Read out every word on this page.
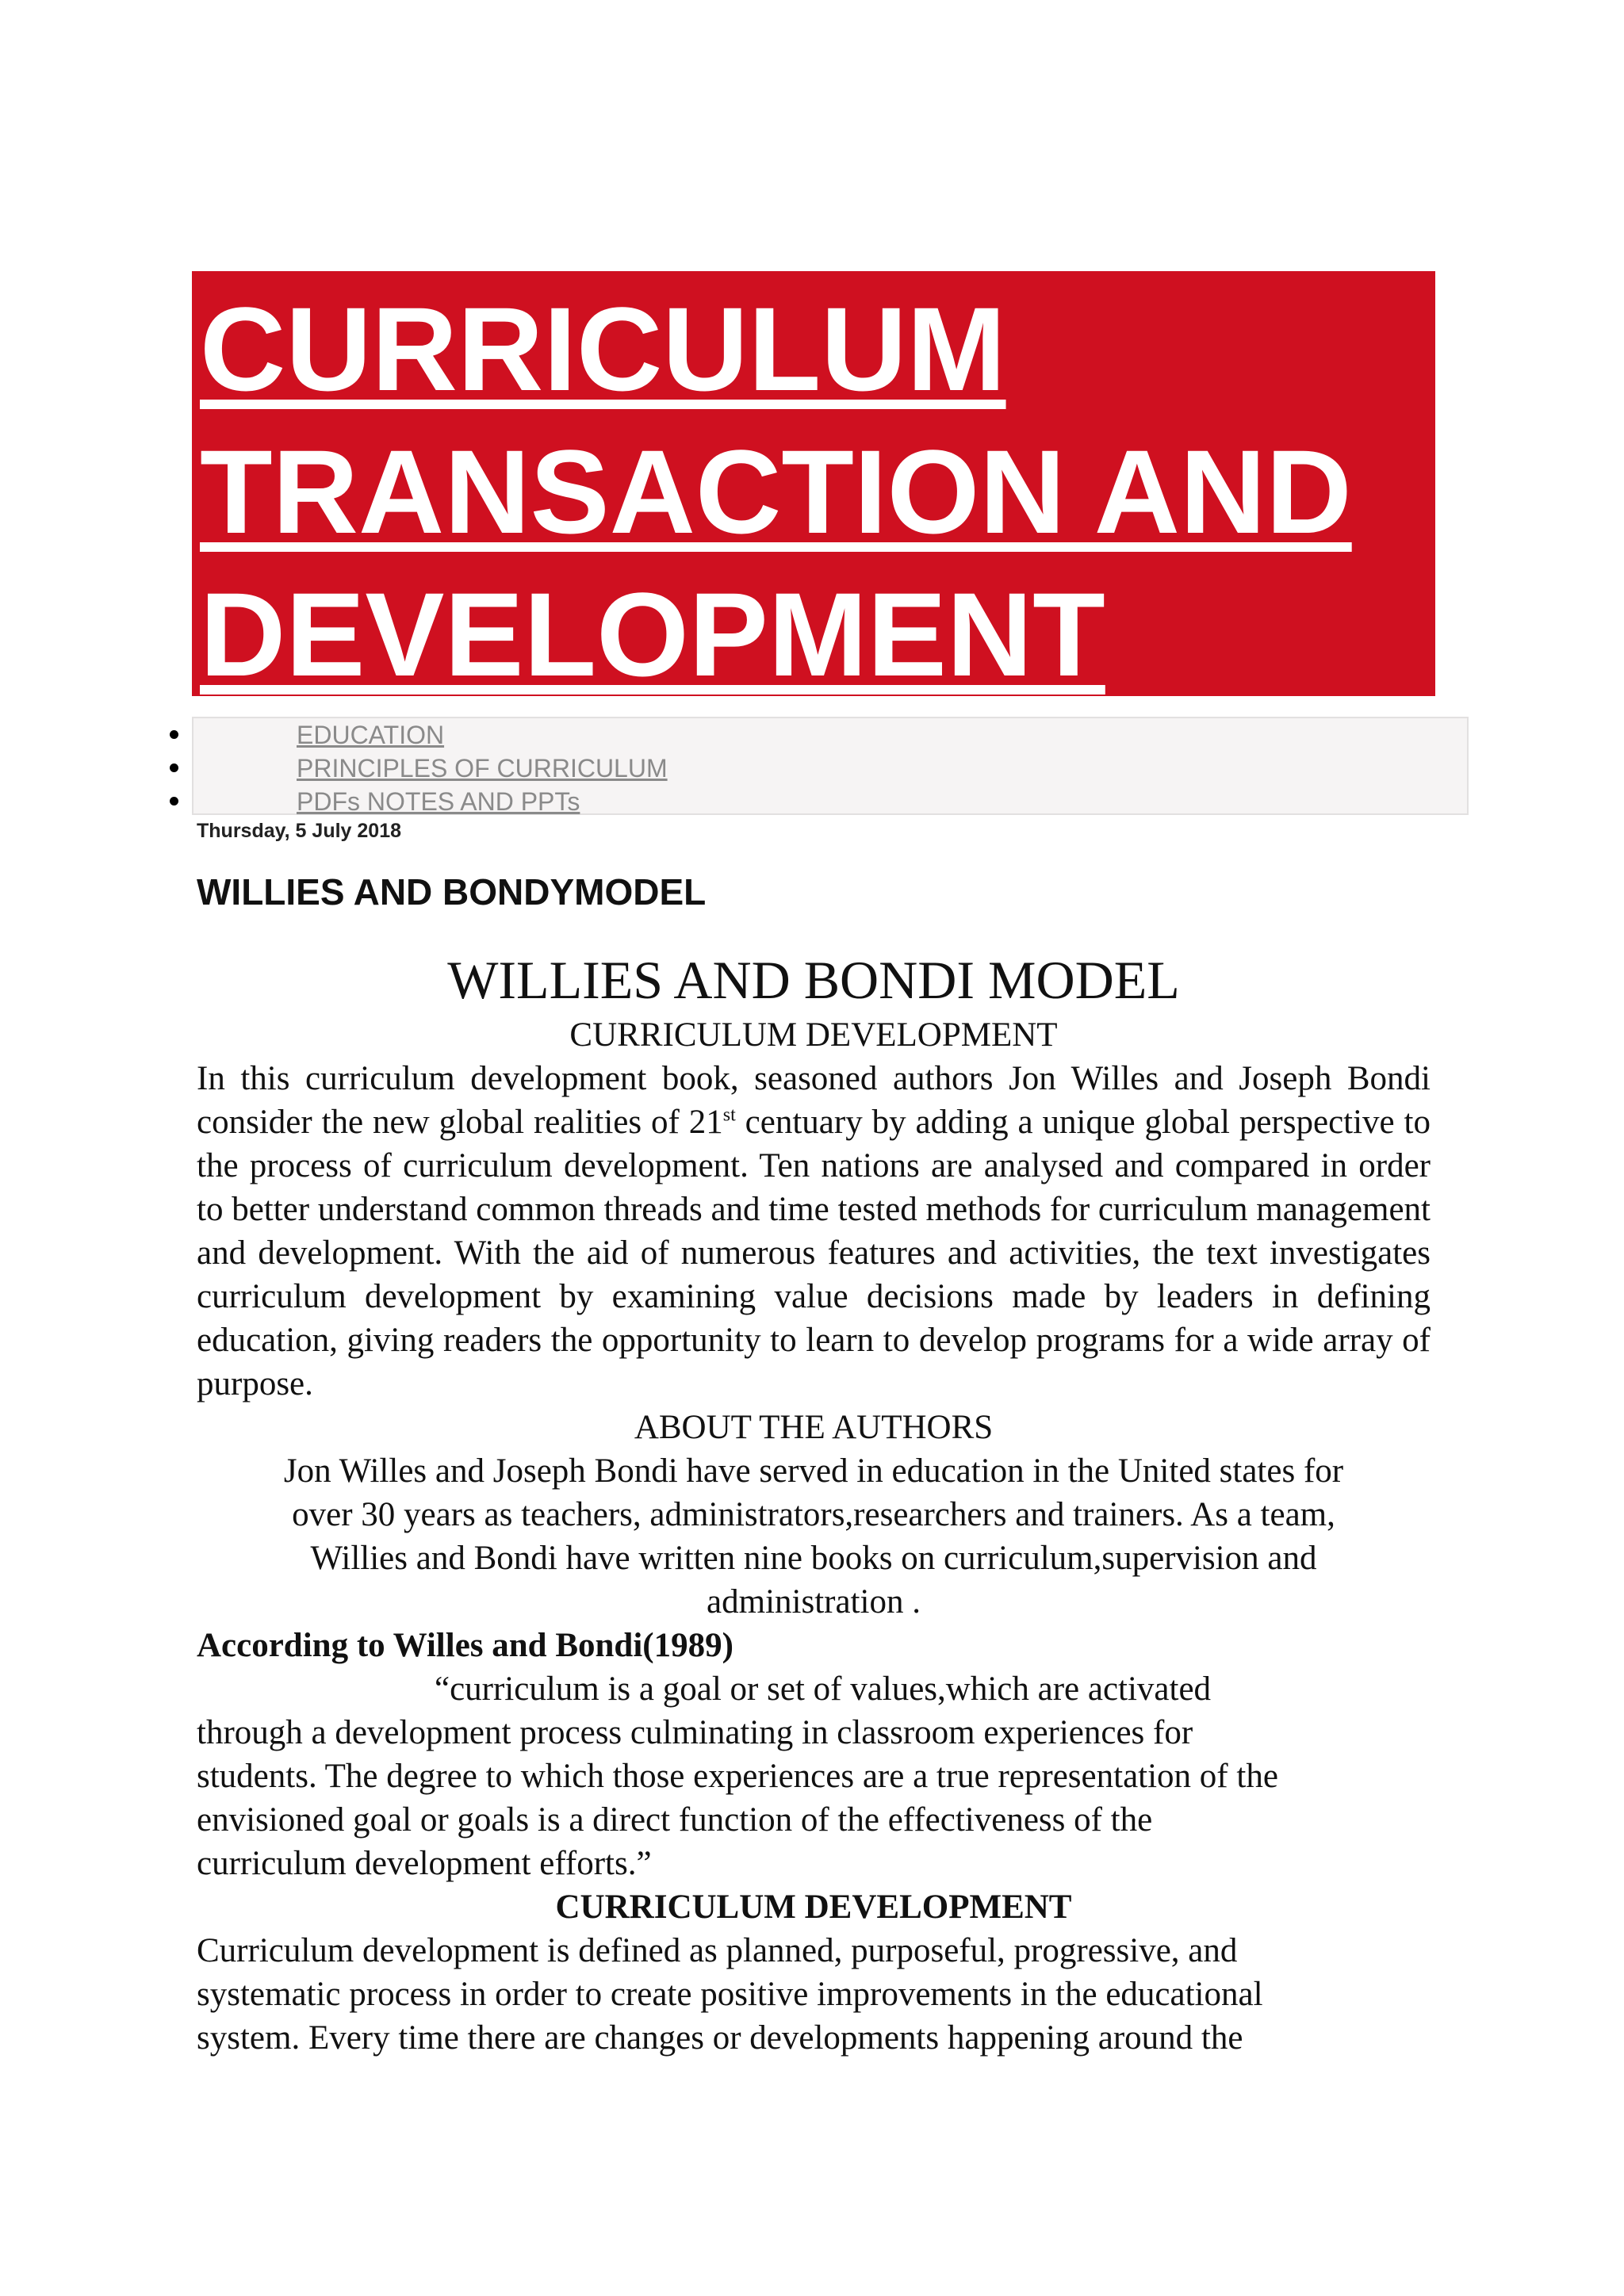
CURRICULUM
TRANSACTION AND
DEVELOPMENT
EDUCATION
PRINCIPLES OF CURRICULUM
PDFs NOTES AND PPTs
Thursday, 5 July 2018
WILLIES AND BONDYMODEL

WILLIES AND BONDI MODEL

CURRICULUM DEVELOPMENT

In this curriculum development book, seasoned authors Jon Willes and Joseph Bondi consider the new global realities of 21st centuary by adding a unique global perspective to the process of curriculum development. Ten nations are analysed and compared in order to better understand common threads and time tested methods for curriculum management and development. With the aid of numerous features and activities, the text investigates curriculum development by examining value decisions made by leaders in defining education, giving readers the opportunity to learn to develop programs for a wide array of purpose.

ABOUT THE AUTHORS

Jon Willes and Joseph Bondi have served in education in the United states for

over 30 years as teachers, administrators,researchers and trainers. As a team,

Willies and Bondi have written nine books on curriculum,supervision and

administration .

According to Willes and Bondi(1989)

“curriculum is a goal or set of values,which are activated

through a development process culminating in classroom experiences for

students. The degree to which those experiences are a true representation of the

envisioned goal or goals is a direct function of the effectiveness of the

curriculum development efforts.”

CURRICULUM DEVELOPMENT

Curriculum development is defined as planned, purposeful, progressive, and

systematic process in order to create positive improvements in the educational

system. Every time there are changes or developments happening around the
